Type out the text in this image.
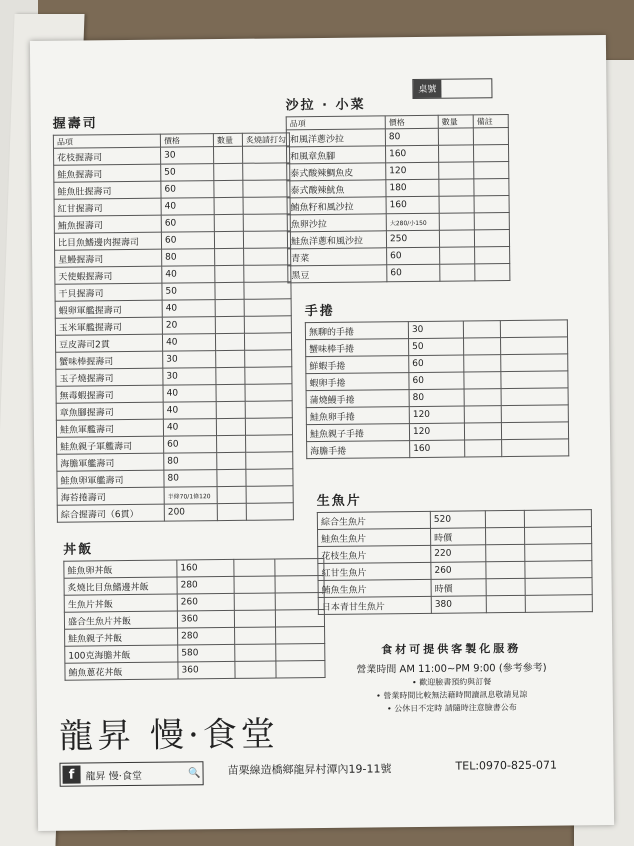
握壽司
品項	價格	數量	炙燒請打勾
花枝握壽司	30		
鮭魚握壽司	50		
鮭魚肚握壽司	60		
紅甘握壽司	40		
鮪魚握壽司	60		
比目魚鰭邊肉握壽司	60		
星鰻握壽司	80		
天使蝦握壽司	40		
干貝握壽司	50		
蝦卵軍艦握壽司	40		
玉米軍艦握壽司	20		
豆皮壽司2貫	40		
蟹味棒握壽司	30		
玉子燒握壽司	30		
無毒蝦握壽司	40		
章魚腳握壽司	40		
鮭魚軍艦壽司	40		
鮭魚親子軍艦壽司	60		
海膽軍艦壽司	80		
鮭魚卵軍艦壽司	80		
海苔捲壽司	半條70/1條120		
綜合握壽司（6貫）	200		
沙拉 · 小菜
品項	價格	數量	備註
和風洋蔥沙拉	80		
和風章魚腳	160		
泰式酸辣鯛魚皮	120		
泰式酸辣魷魚	180		
鮪魚籽和風沙拉	160		
魚卵沙拉	大280/小150		
鮭魚洋蔥和風沙拉	250		
青菜	60		
黑豆	60		
桌號
手捲
無聊的手捲	30		
蟹味棒手捲	50		
鮮蝦手捲	60		
蝦卵手捲	60		
蒲燒鰻手捲	80		
鮭魚卵手捲	120		
鮭魚親子手捲	120		
海膽手捲	160		
生魚片
綜合生魚片	520		
鮭魚生魚片	時價		
花枝生魚片	220		
紅甘生魚片	260		
鮪魚生魚片	時價		
日本青甘生魚片	380		
丼飯
鮭魚卵丼飯	160		
炙燒比目魚鰭邊丼飯	280		
生魚片丼飯	260		
盛合生魚片丼飯	360		
鮭魚親子丼飯	280		
100克海膽丼飯	580		
鮪魚蔥花丼飯	360		
食材可提供客製化服務
營業時間 AM 11:00~PM 9:00 (參考參考)
• 歡迎臉書預約與訂餐
• 營業時間比較無法藉時間讀訊息敬請見諒
• 公休日不定時 請隨時注意臉書公布
龍昇 慢·食堂
f	龍昇 慢·食堂	🔍 苗栗線造橋鄉龍昇村潭內19-11號	TEL:0970-825-071
